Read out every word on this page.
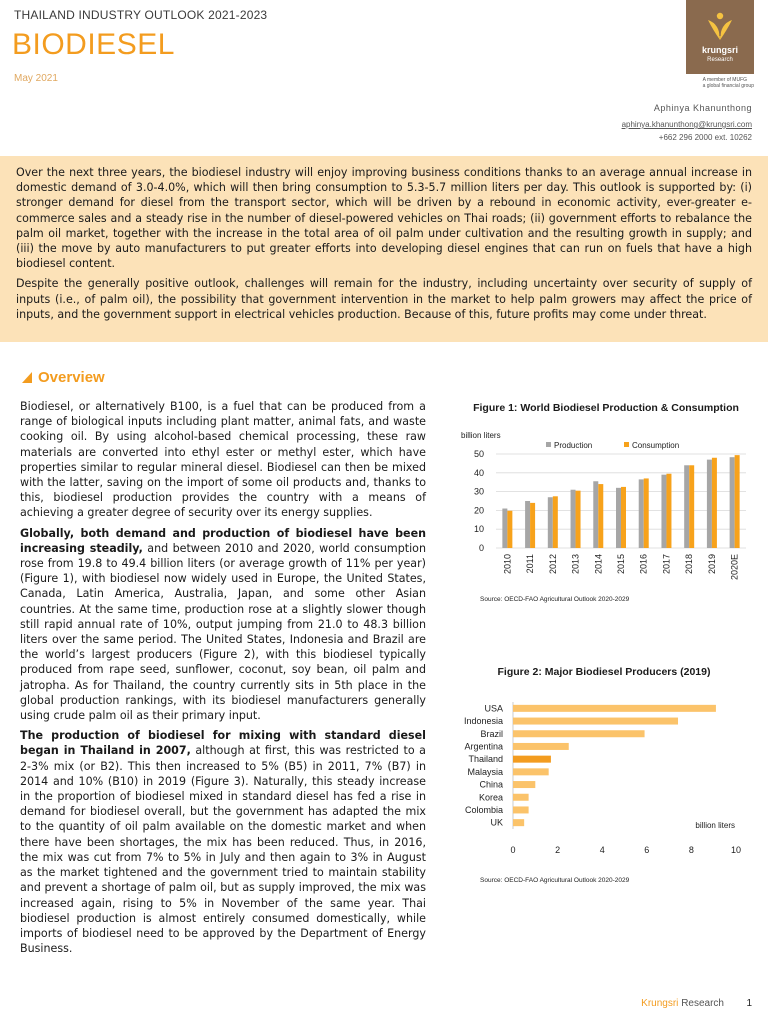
THAILAND INDUSTRY OUTLOOK 2021-2023
BIODIESEL
May 2021
krungsri
Research
A member of MUFG
a global financial group
Aphinya Khanunthong
aphinya.khanunthong@krungsri.com
+662 296 2000 ext. 10262

Over the next three years, the biodiesel industry will enjoy improving business conditions thanks to an average annual increase in domestic demand of 3.0-4.0%, which will then bring consumption to 5.3-5.7 million liters per day. This outlook is supported by: (i) stronger demand for diesel from the transport sector, which will be driven by a rebound in economic activity, ever-greater e-commerce sales and a steady rise in the number of diesel-powered vehicles on Thai roads; (ii) government efforts to rebalance the palm oil market, together with the increase in the total area of oil palm under cultivation and the resulting growth in supply; and (iii) the move by auto manufacturers to put greater efforts into developing diesel engines that can run on fuels that have a high biodiesel content.

Despite the generally positive outlook, challenges will remain for the industry, including uncertainty over security of supply of inputs (i.e., of palm oil), the possibility that government intervention in the market to help palm growers may affect the price of inputs, and the government support in electrical vehicles production. Because of this, future profits may come under threat.

Overview

Biodiesel, or alternatively B100, is a fuel that can be produced from a range of biological inputs including plant matter, animal fats, and waste cooking oil. By using alcohol-based chemical processing, these raw materials are converted into ethyl ester or methyl ester, which have properties similar to regular mineral diesel. Biodiesel can then be mixed with the latter, saving on the import of some oil products and, thanks to this, biodiesel production provides the country with a means of achieving a greater degree of security over its energy supplies.

Globally, both demand and production of biodiesel have been increasing steadily, and between 2010 and 2020, world consumption rose from 19.8 to 49.4 billion liters (or average growth of 11% per year) (Figure 1), with biodiesel now widely used in Europe, the United States, Canada, Latin America, Australia, Japan, and some other Asian countries. At the same time, production rose at a slightly slower though still rapid annual rate of 10%, output jumping from 21.0 to 48.3 billion liters over the same period. The United States, Indonesia and Brazil are the world’s largest producers (Figure 2), with this biodiesel typically produced from rape seed, sunflower, coconut, soy bean, oil palm and jatropha. As for Thailand, the country currently sits in 5th place in the global production rankings, with its biodiesel manufacturers generally using crude palm oil as their primary input.

The production of biodiesel for mixing with standard diesel began in Thailand in 2007, although at first, this was restricted to a 2-3% mix (or B2). This then increased to 5% (B5) in 2011, 7% (B7) in 2014 and 10% (B10) in 2019 (Figure 3). Naturally, this steady increase in the proportion of biodiesel mixed in standard diesel has fed a rise in demand for biodiesel overall, but the government has adapted the mix to the quantity of oil palm available on the domestic market and when there have been shortages, the mix has been reduced. Thus, in 2016, the mix was cut from 7% to 5% in July and then again to 3% in August as the market tightened and the government tried to maintain stability and prevent a shortage of palm oil, but as supply improved, the mix was increased again, rising to 5% in November of the same year. Thai biodiesel production is almost entirely consumed domestically, while imports of biodiesel need to be approved by the Department of Energy Business.

Figure 1: World Biodiesel Production & Consumption
billion liters
0
10
20
30
40
50
Production	Consumption
2010 2011 2012 2013 2014 2015 2016 2017 2018 2019 2020E
Source: OECD-FAO Agricultural Outlook 2020-2029
Figure 2: Major Biodiesel Producers (2019)
USA
Indonesia
Brazil
Argentina
Thailand
Malaysia
China
Korea
Colombia
UK
0	2	4	6	8	10
billion liters
Source: OECD-FAO Agricultural Outlook 2020-2029
Krungsri Research 1
